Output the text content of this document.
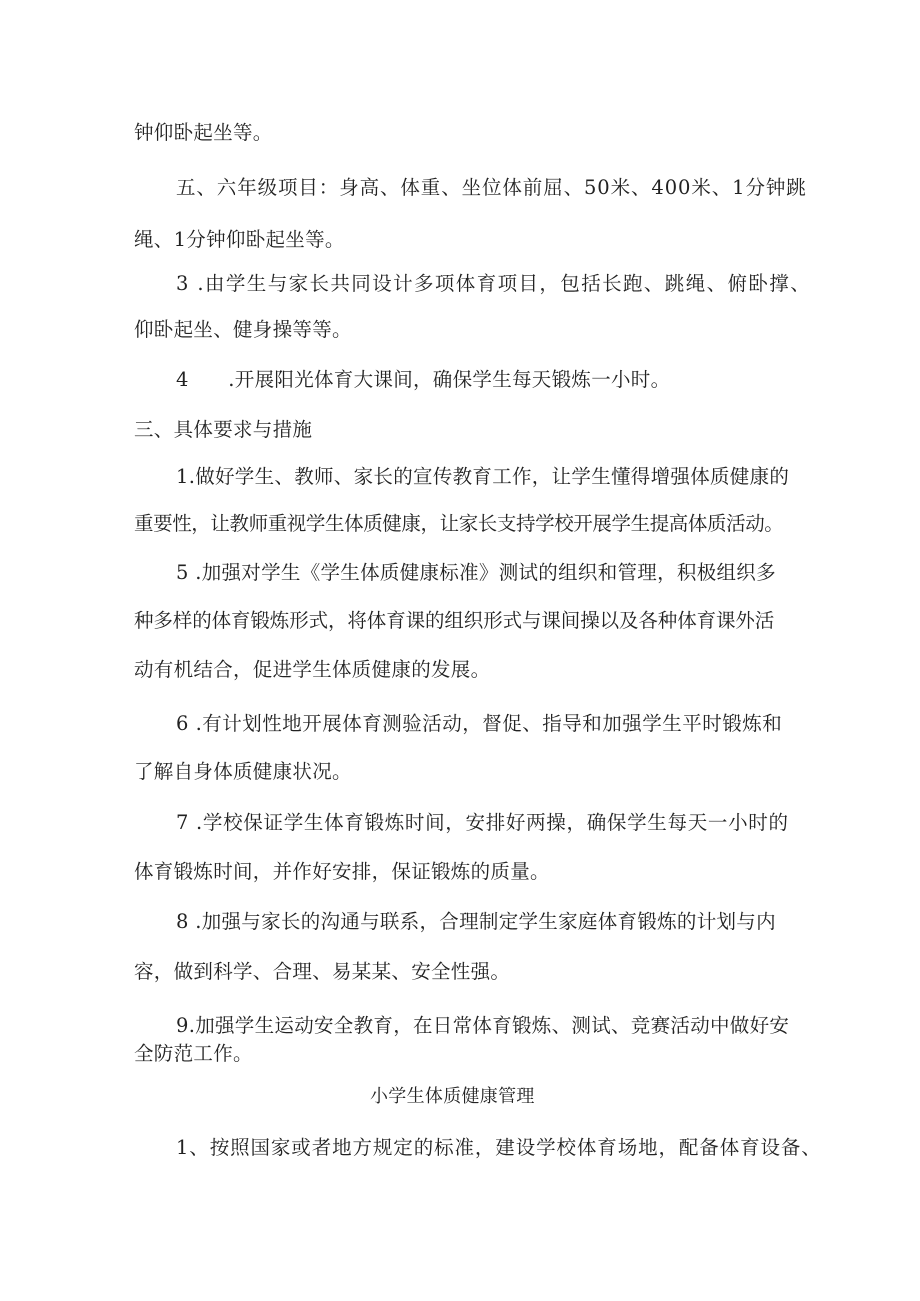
钟仰卧起坐等。
五、六年级项目：身高、体重、坐位体前屈、50米、400米、1分钟跳
绳、1分钟仰卧起坐等。
3 .由学生与家长共同设计多项体育项目，包括长跑、跳绳、俯卧撑、
仰卧起坐、健身操等等。
4　　.开展阳光体育大课间，确保学生每天锻炼一小时。
三、具体要求与措施
1.做好学生、教师、家长的宣传教育工作，让学生懂得增强体质健康的
重要性，让教师重视学生体质健康，让家长支持学校开展学生提高体质活动。
5 .加强对学生《学生体质健康标准》测试的组织和管理，积极组织多
种多样的体育锻炼形式，将体育课的组织形式与课间操以及各种体育课外活
动有机结合，促进学生体质健康的发展。
6 .有计划性地开展体育测验活动，督促、指导和加强学生平时锻炼和
了解自身体质健康状况。
7 .学校保证学生体育锻炼时间，安排好两操，确保学生每天一小时的
体育锻炼时间，并作好安排，保证锻炼的质量。
8 .加强与家长的沟通与联系，合理制定学生家庭体育锻炼的计划与内
容，做到科学、合理、易某某、安全性强。
9.加强学生运动安全教育，在日常体育锻炼、测试、竞赛活动中做好安
全防范工作。
小学生体质健康管理
1、按照国家或者地方规定的标准，建设学校体育场地，配备体育设备、
